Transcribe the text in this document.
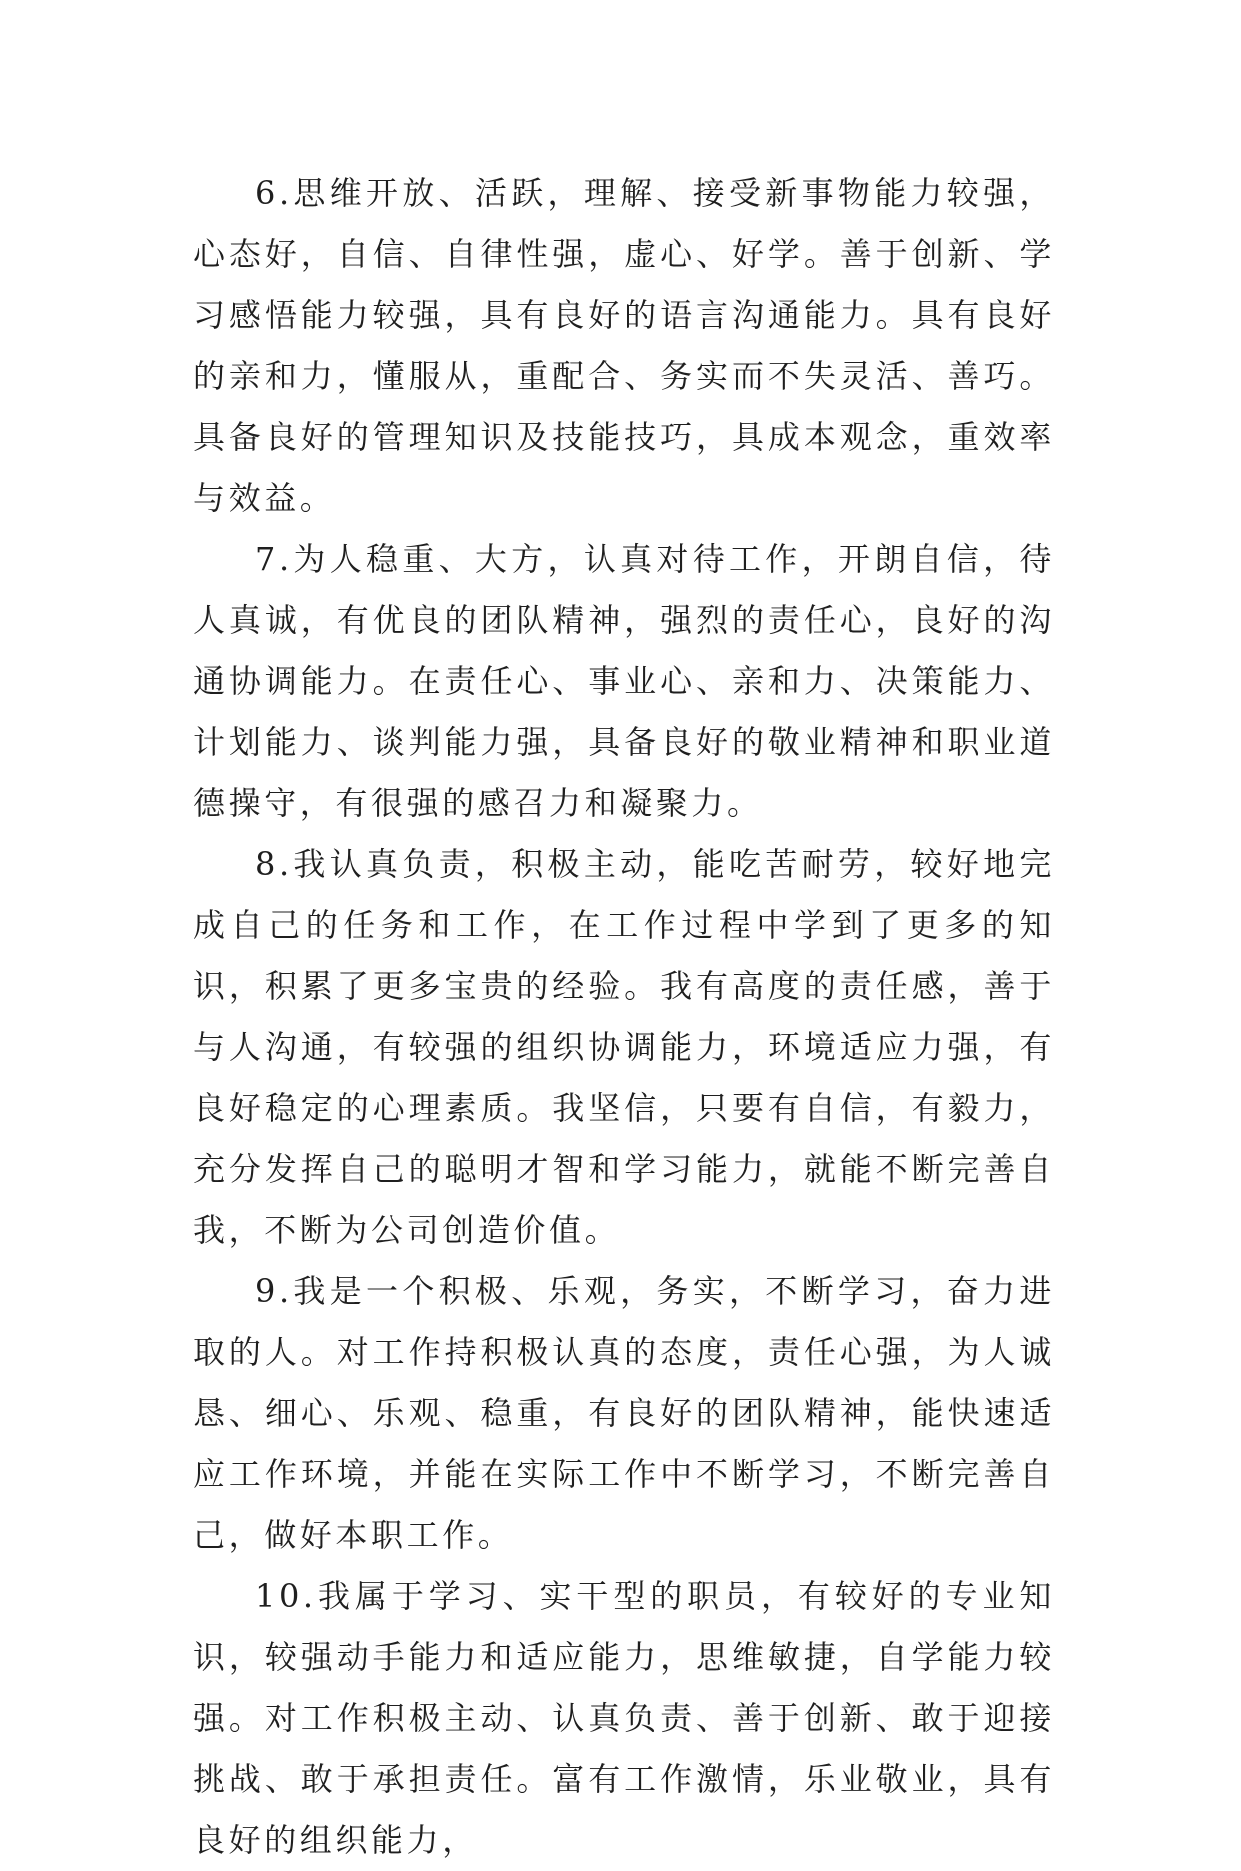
6.思维开放、活跃，理解、接受新事物能力较强，心态好，自信、自律性强，虚心、好学。善于创新、学习感悟能力较强，具有良好的语言沟通能力。具有良好的亲和力，懂服从，重配合、务实而不失灵活、善巧。具备良好的管理知识及技能技巧，具成本观念，重效率与效益。

7.为人稳重、大方，认真对待工作，开朗自信，待人真诚，有优良的团队精神，强烈的责任心，良好的沟通协调能力。在责任心、事业心、亲和力、决策能力、计划能力、谈判能力强，具备良好的敬业精神和职业道德操守，有很强的感召力和凝聚力。

8.我认真负责，积极主动，能吃苦耐劳，较好地完成自己的任务和工作，在工作过程中学到了更多的知识，积累了更多宝贵的经验。我有高度的责任感，善于与人沟通，有较强的组织协调能力，环境适应力强，有良好稳定的心理素质。我坚信，只要有自信，有毅力，充分发挥自己的聪明才智和学习能力，就能不断完善自我，不断为公司创造价值。

9.我是一个积极、乐观，务实，不断学习，奋力进取的人。对工作持积极认真的态度，责任心强，为人诚恳、细心、乐观、稳重，有良好的团队精神，能快速适应工作环境，并能在实际工作中不断学习，不断完善自己，做好本职工作。

10.我属于学习、实干型的职员，有较好的专业知识，较强动手能力和适应能力，思维敏捷，自学能力较强。对工作积极主动、认真负责、善于创新、敢于迎接挑战、敢于承担责任。富有工作激情，乐业敬业，具有良好的组织能力，
